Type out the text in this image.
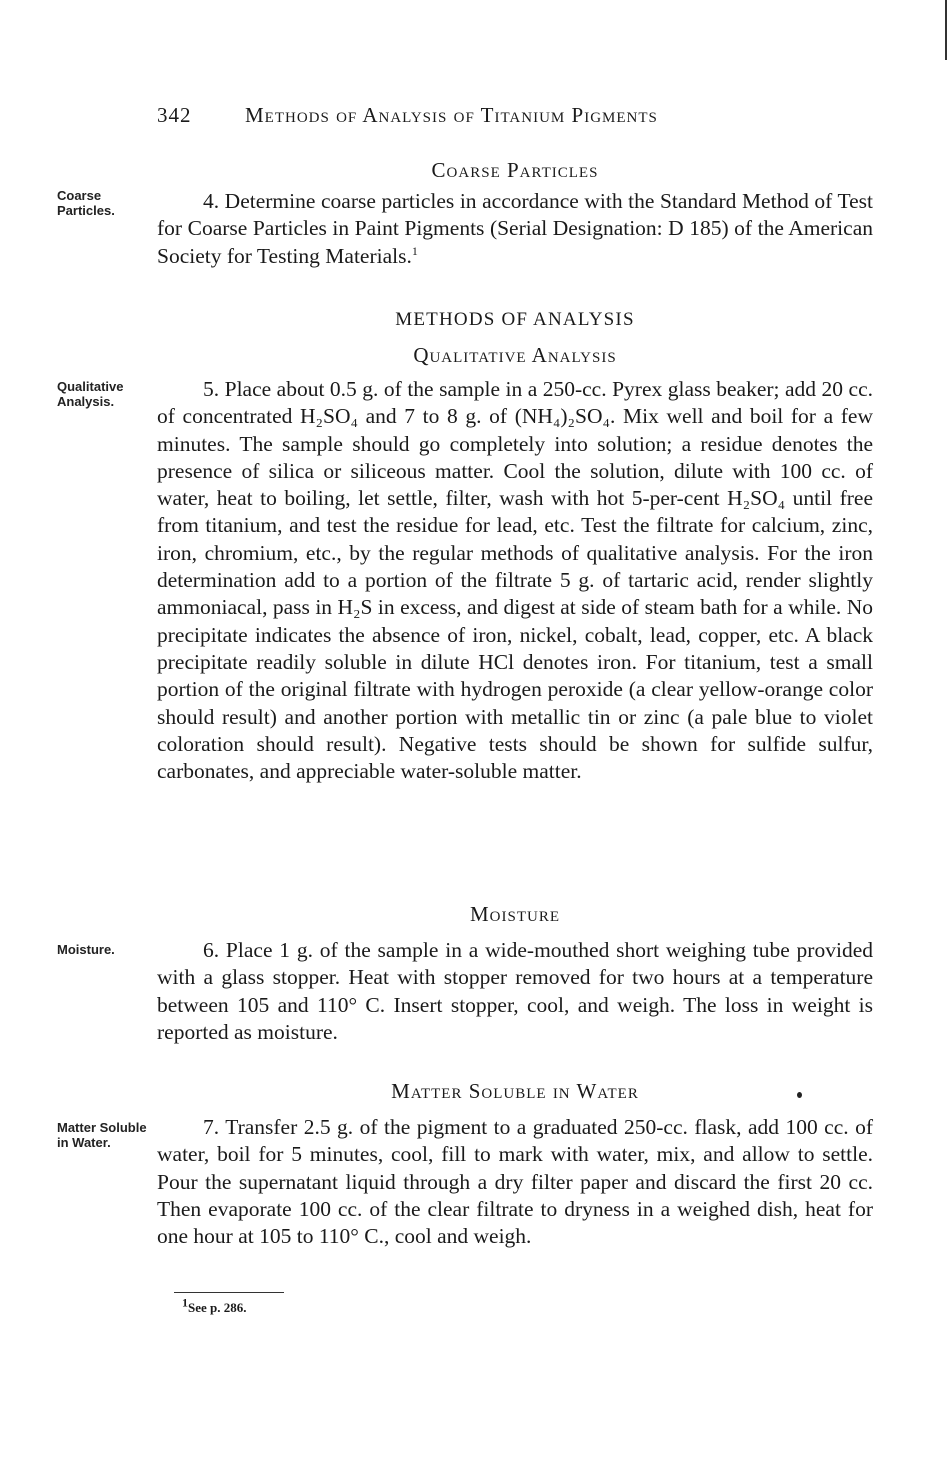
342	Methods of Analysis of Titanium Pigments
Coarse Particles
Coarse Particles.	4. Determine coarse particles in accordance with the Standard Method of Test for Coarse Particles in Paint Pigments (Serial Designation: D 185) of the American Society for Testing Materials.$^1$

METHODS OF ANALYSIS
Qualitative Analysis
Qualitative Analysis.

5. Place about 0.5 g. of the sample in a 250-cc. Pyrex glass beaker; add 20 cc. of concentrated H₂SO₄ and 7 to 8 g. of (NH₄)₂SO₄. Mix well and boil for a few minutes. The sample should go completely into solution; a residue denotes the presence of silica or siliceous matter. Cool the solution, dilute with 100 cc. of water, heat to boiling, let settle, filter, wash with hot 5-per-cent H₂SO₄ until free from titanium, and test the residue for lead, etc. Test the filtrate for calcium, zinc, iron, chromium, etc., by the regular methods of qualitative analysis. For the iron determination add to a portion of the filtrate 5 g. of tartaric acid, render slightly ammoniacal, pass in H₂S in excess, and digest at side of steam bath for a while. No precipitate indicates the absence of iron, nickel, cobalt, lead, copper, etc. A black precipitate readily soluble in dilute HCl denotes iron. For titanium, test a small portion of the original filtrate with hydrogen peroxide (a clear yellow-orange color should result) and another portion with metallic tin or zinc (a pale blue to violet coloration should result). Negative tests should be shown for sulfide sulfur, carbonates, and appreciable water-soluble matter.

Moisture
Moisture.	6. Place 1 g. of the sample in a wide-mouthed short weighing tube provided with a glass stopper. Heat with stopper removed for two hours at a temperature between 105 and 110° C. Insert stopper, cool, and weigh. The loss in weight is reported as moisture.

Matter Soluble in Water
Matter Soluble in Water.

7. Transfer 2.5 g. of the pigment to a graduated 250-cc. flask, add 100 cc. of water, boil for 5 minutes, cool, fill to mark with water, mix, and allow to settle. Pour the supernatant liquid through a dry filter paper and discard the first 20 cc. Then evaporate 100 cc. of the clear filtrate to dryness in a weighed dish, heat for one hour at 105 to 110° C., cool and weigh.

$^1$See p. 286.
